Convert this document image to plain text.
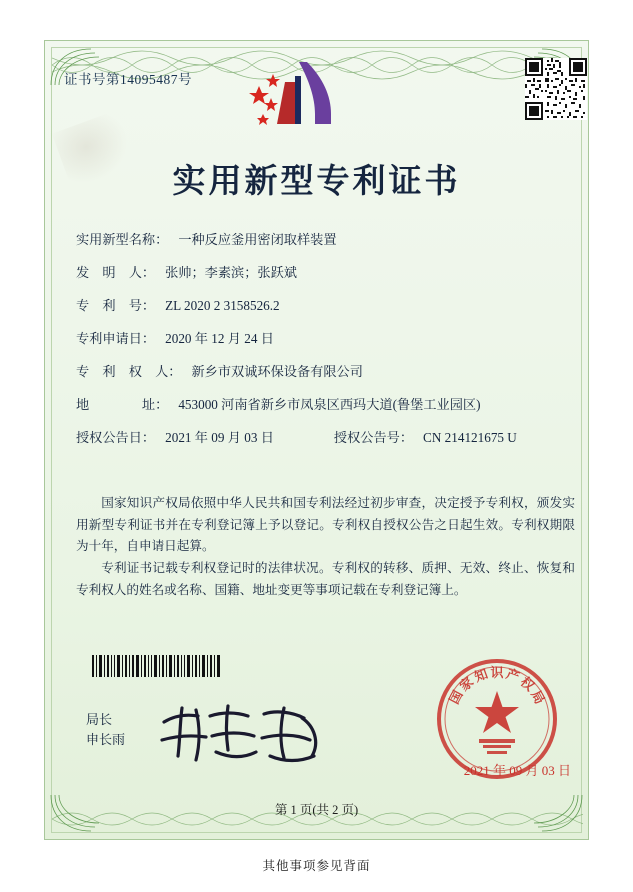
证书号第14095487号
实用新型专利证书
实用新型名称： 一种反应釜用密闭取样装置
发　明　人： 张帅；李素滨；张跃斌
专　利　号： ZL 2020 2 3158526.2
专利申请日： 2020 年 12 月 24 日
专　利　权　人： 新乡市双诚环保设备有限公司
地　　　　址： 453000 河南省新乡市凤泉区西玛大道(鲁堡工业园区)
授权公告日： 2021 年 09 月 03 日	授权公告号： CN 214121675 U

国家知识产权局依照中华人民共和国专利法经过初步审查，决定授予专利权，颁发实用新型专利证书并在专利登记簿上予以登记。专利权自授权公告之日起生效。专利权期限为十年，自申请日起算。

专利证书记载专利权登记时的法律状况。专利权的转移、质押、无效、终止、恢复和专利权人的姓名或名称、国籍、地址变更等事项记载在专利登记簿上。

局长
申长雨
国
家
知 识 产
权
局
2021 年 09 月 03 日
第 1 页(共 2 页)
其他事项参见背面
